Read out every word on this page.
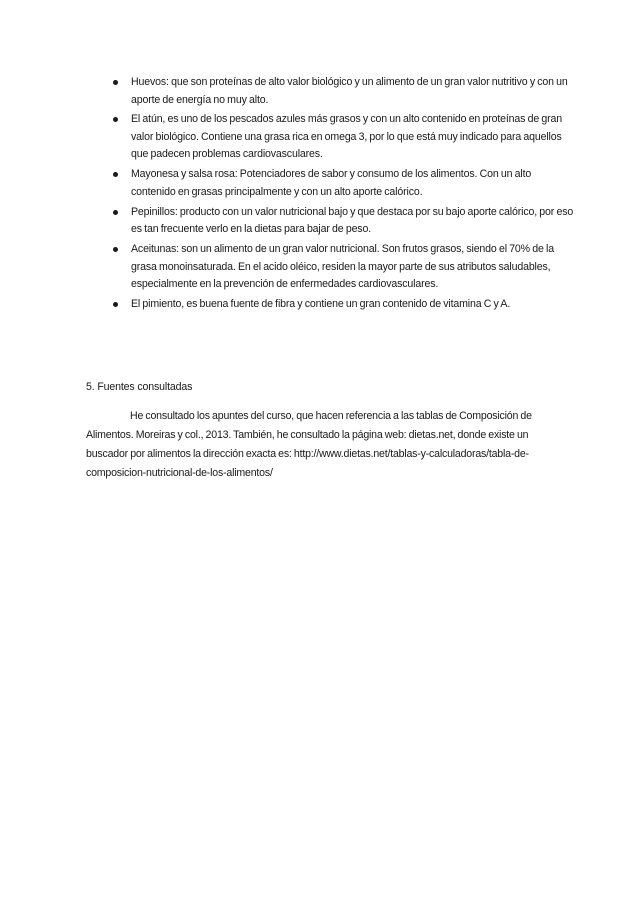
Huevos: que son proteínas de alto valor biológico y un alimento de un gran valor nutritivo y con un aporte de energía no muy alto.
El atún, es uno de los pescados azules más grasos y con un alto contenido en proteínas de gran valor biológico. Contiene una grasa rica en omega 3, por lo que está muy indicado para aquellos que padecen problemas cardiovasculares.
Mayonesa y salsa rosa: Potenciadores de sabor y consumo de los alimentos. Con un alto contenido en grasas principalmente y con un alto aporte calórico.
Pepinillos: producto con un valor nutricional bajo y que destaca por su bajo aporte calórico, por eso es tan frecuente verlo en la dietas para bajar de peso.
Aceitunas: son un alimento de un gran valor nutricional. Son frutos grasos, siendo el 70% de la grasa monoinsaturada. En el acido oléico, residen la mayor parte de sus atributos saludables, especialmente en la prevención de enfermedades cardiovasculares.
El pimiento, es buena fuente de fibra y contiene un gran contenido de vitamina C y A.
5. Fuentes consultadas

He consultado los apuntes del curso, que hacen referencia a las tablas de Composición de Alimentos. Moreiras y col., 2013. También, he consultado la página web: dietas.net, donde existe un buscador por alimentos la dirección exacta es: http://www.dietas.net/tablas-y-calculadoras/tabla-de-composicion-nutricional-de-los-alimentos/
